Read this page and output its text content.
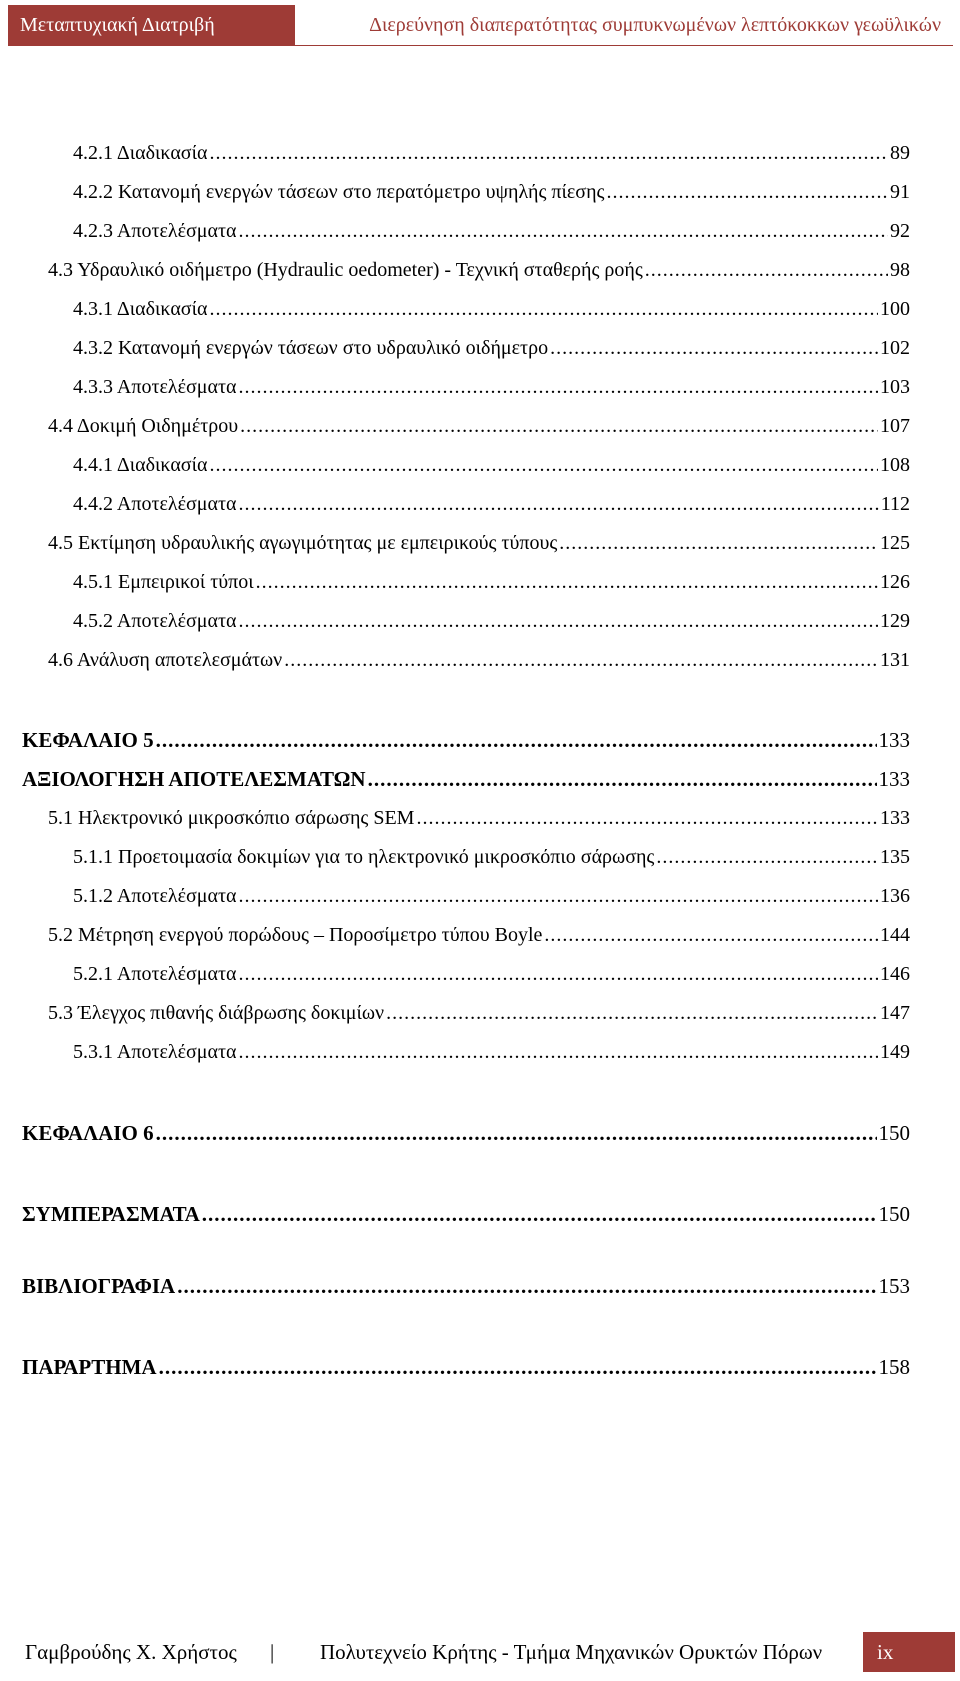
Μεταπτυχιακή Διατριβή	Διερεύνηση διαπερατότητας συμπυκνωμένων λεπτόκοκκων γεωϋλικών
4.2.1 Διαδικασία .....	89
4.2.2 Κατανομή ενεργών τάσεων στο περατόμετρο υψηλής πίεσης .....	91
4.2.3 Αποτελέσματα .....	92
4.3 Υδραυλικό οιδήμετρο (Hydraulic oedometer) - Τεχνική σταθερής ροής .....	98
4.3.1 Διαδικασία .....	100
4.3.2 Κατανομή ενεργών τάσεων στο υδραυλικό οιδήμετρο .....	102
4.3.3 Αποτελέσματα .....	103
4.4 Δοκιμή Οιδημέτρου .....	107
4.4.1 Διαδικασία .....	108
4.4.2 Αποτελέσματα .....	112
4.5 Εκτίμηση υδραυλικής αγωγιμότητας με εμπειρικούς τύπους .....	125
4.5.1 Εμπειρικοί τύποι .....	126
4.5.2 Αποτελέσματα .....	129
4.6 Ανάλυση αποτελεσμάτων .....	131
ΚΕΦΑΛΑΙΟ 5 .....	133
ΑΞΙΟΛΟΓΗΣΗ ΑΠΟΤΕΛΕΣΜΑΤΩΝ .....	133
5.1 Ηλεκτρονικό μικροσκόπιο σάρωσης SEM .....	133
5.1.1 Προετοιμασία δοκιμίων για το ηλεκτρονικό μικροσκόπιο σάρωσης .....	135
5.1.2 Αποτελέσματα .....	136
5.2 Μέτρηση ενεργού πορώδους – Ποροσίμετρο τύπου Boyle .....	144
5.2.1 Αποτελέσματα .....	146
5.3 Έλεγχος πιθανής διάβρωσης δοκιμίων .....	147
5.3.1 Αποτελέσματα .....	149
ΚΕΦΑΛΑΙΟ 6 .....	150
ΣΥΜΠΕΡΑΣΜΑΤΑ .....	150
ΒΙΒΛΙΟΓΡΑΦΙΑ .....	153
ΠΑΡΑΡΤΗΜΑ .....	158
Γαμβρούδης Χ. Χρήστος	|	Πολυτεχνείο Κρήτης - Τμήμα Μηχανικών Ορυκτών Πόρων	ix
